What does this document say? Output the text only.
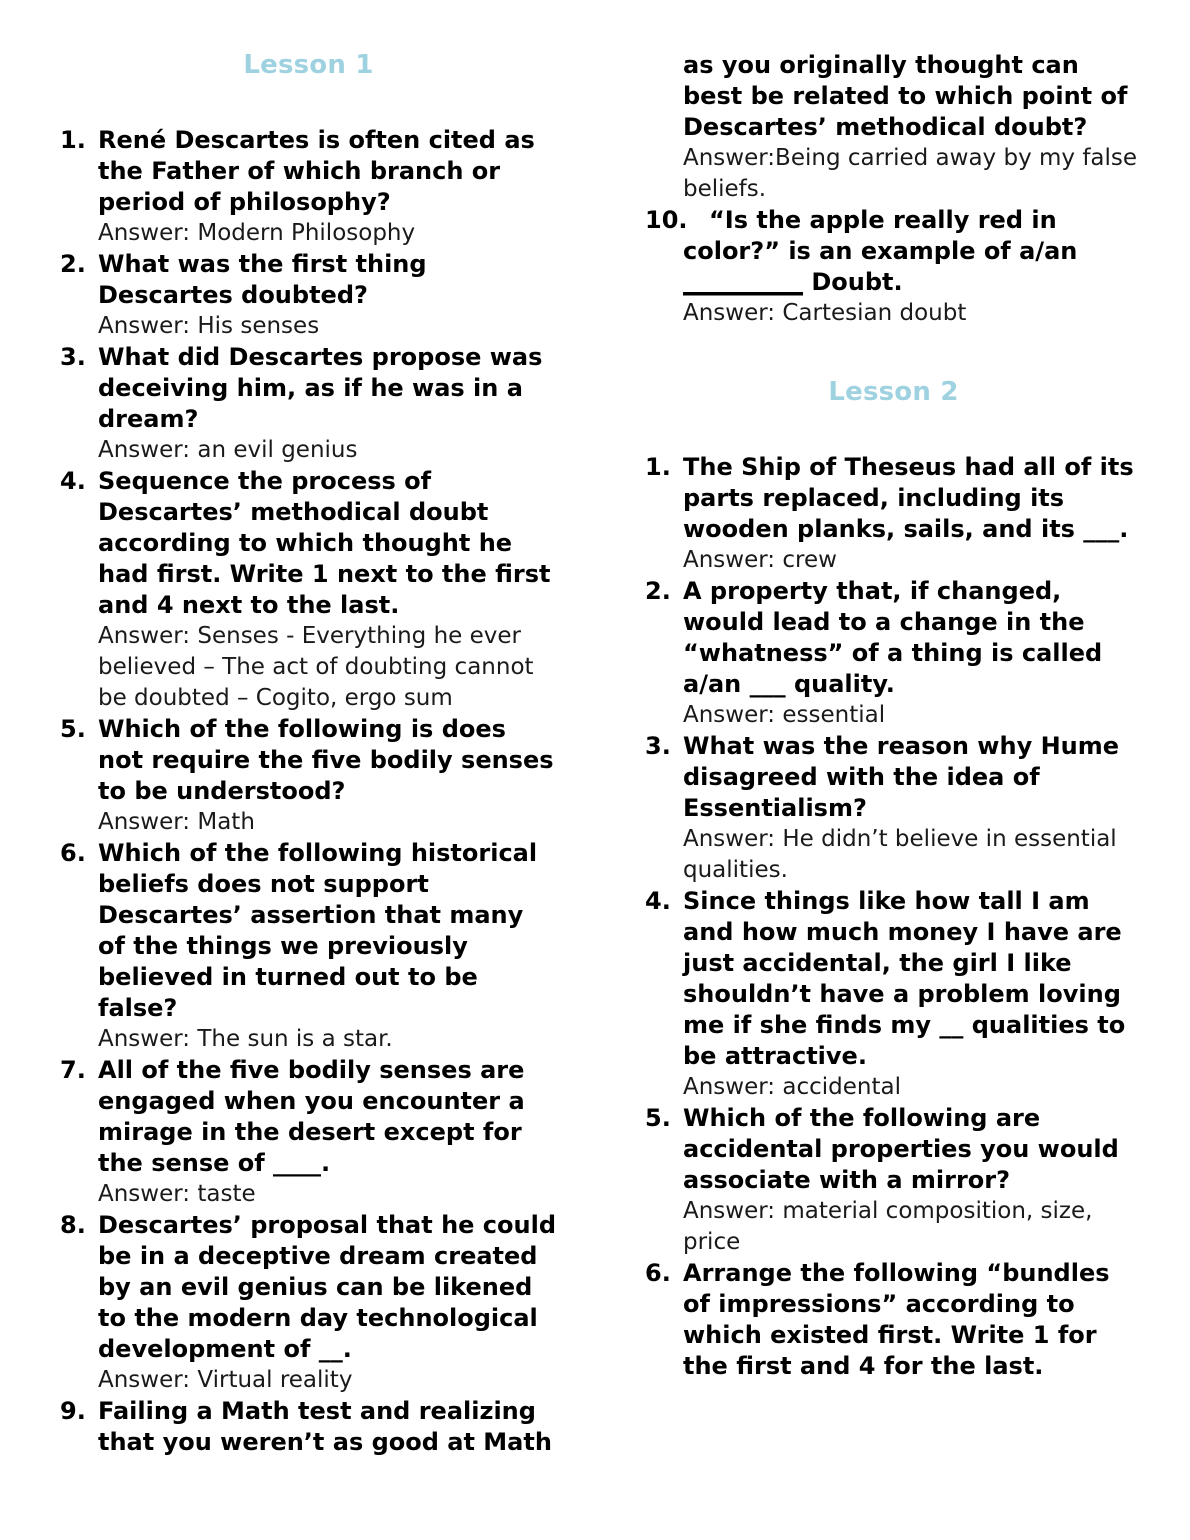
Lesson 1
1. René Descartes is often cited as the Father of which branch or period of philosophy?

Answer: Modern Philosophy

2. What was the first thing Descartes doubted?

Answer: His senses

3. What did Descartes propose was deceiving him, as if he was in a dream?

Answer: an evil genius

4. Sequence the process of Descartes’ methodical doubt according to which thought he had first. Write 1 next to the first and 4 next to the last.

Answer: Senses - Everything he ever believed – The act of doubting cannot be doubted – Cogito, ergo sum

5. Which of the following is does not require the five bodily senses to be understood?

Answer: Math

6. Which of the following historical beliefs does not support Descartes’ assertion that many of the things we previously believed in turned out to be false?

Answer: The sun is a star.

7. All of the five bodily senses are engaged when you encounter a mirage in the desert except for the sense of ____.

Answer: taste

8. Descartes’ proposal that he could be in a deceptive dream created by an evil genius can be likened to the modern day technological development of __.

Answer: Virtual reality

9. Failing a Math test and realizing that you weren’t as good at Math

as you originally thought can best be related to which point of Descartes’ methodical doubt?

Answer:Being carried away by my false beliefs.

10. “Is the apple really red in color?” is an example of a/an __________ Doubt.

Answer: Cartesian doubt

Lesson 2
1. The Ship of Theseus had all of its parts replaced, including its wooden planks, sails, and its ___.

Answer: crew

2. A property that, if changed, would lead to a change in the “whatness” of a thing is called a/an ___ quality.

Answer: essential

3. What was the reason why Hume disagreed with the idea of Essentialism?

Answer: He didn’t believe in essential qualities.

4. Since things like how tall I am and how much money I have are just accidental, the girl I like shouldn’t have a problem loving me if she finds my __ qualities to be attractive.

Answer: accidental

5. Which of the following are accidental properties you would associate with a mirror?

Answer: material composition, size, price

6. Arrange the following “bundles of impressions” according to which existed first. Write 1 for the first and 4 for the last.
